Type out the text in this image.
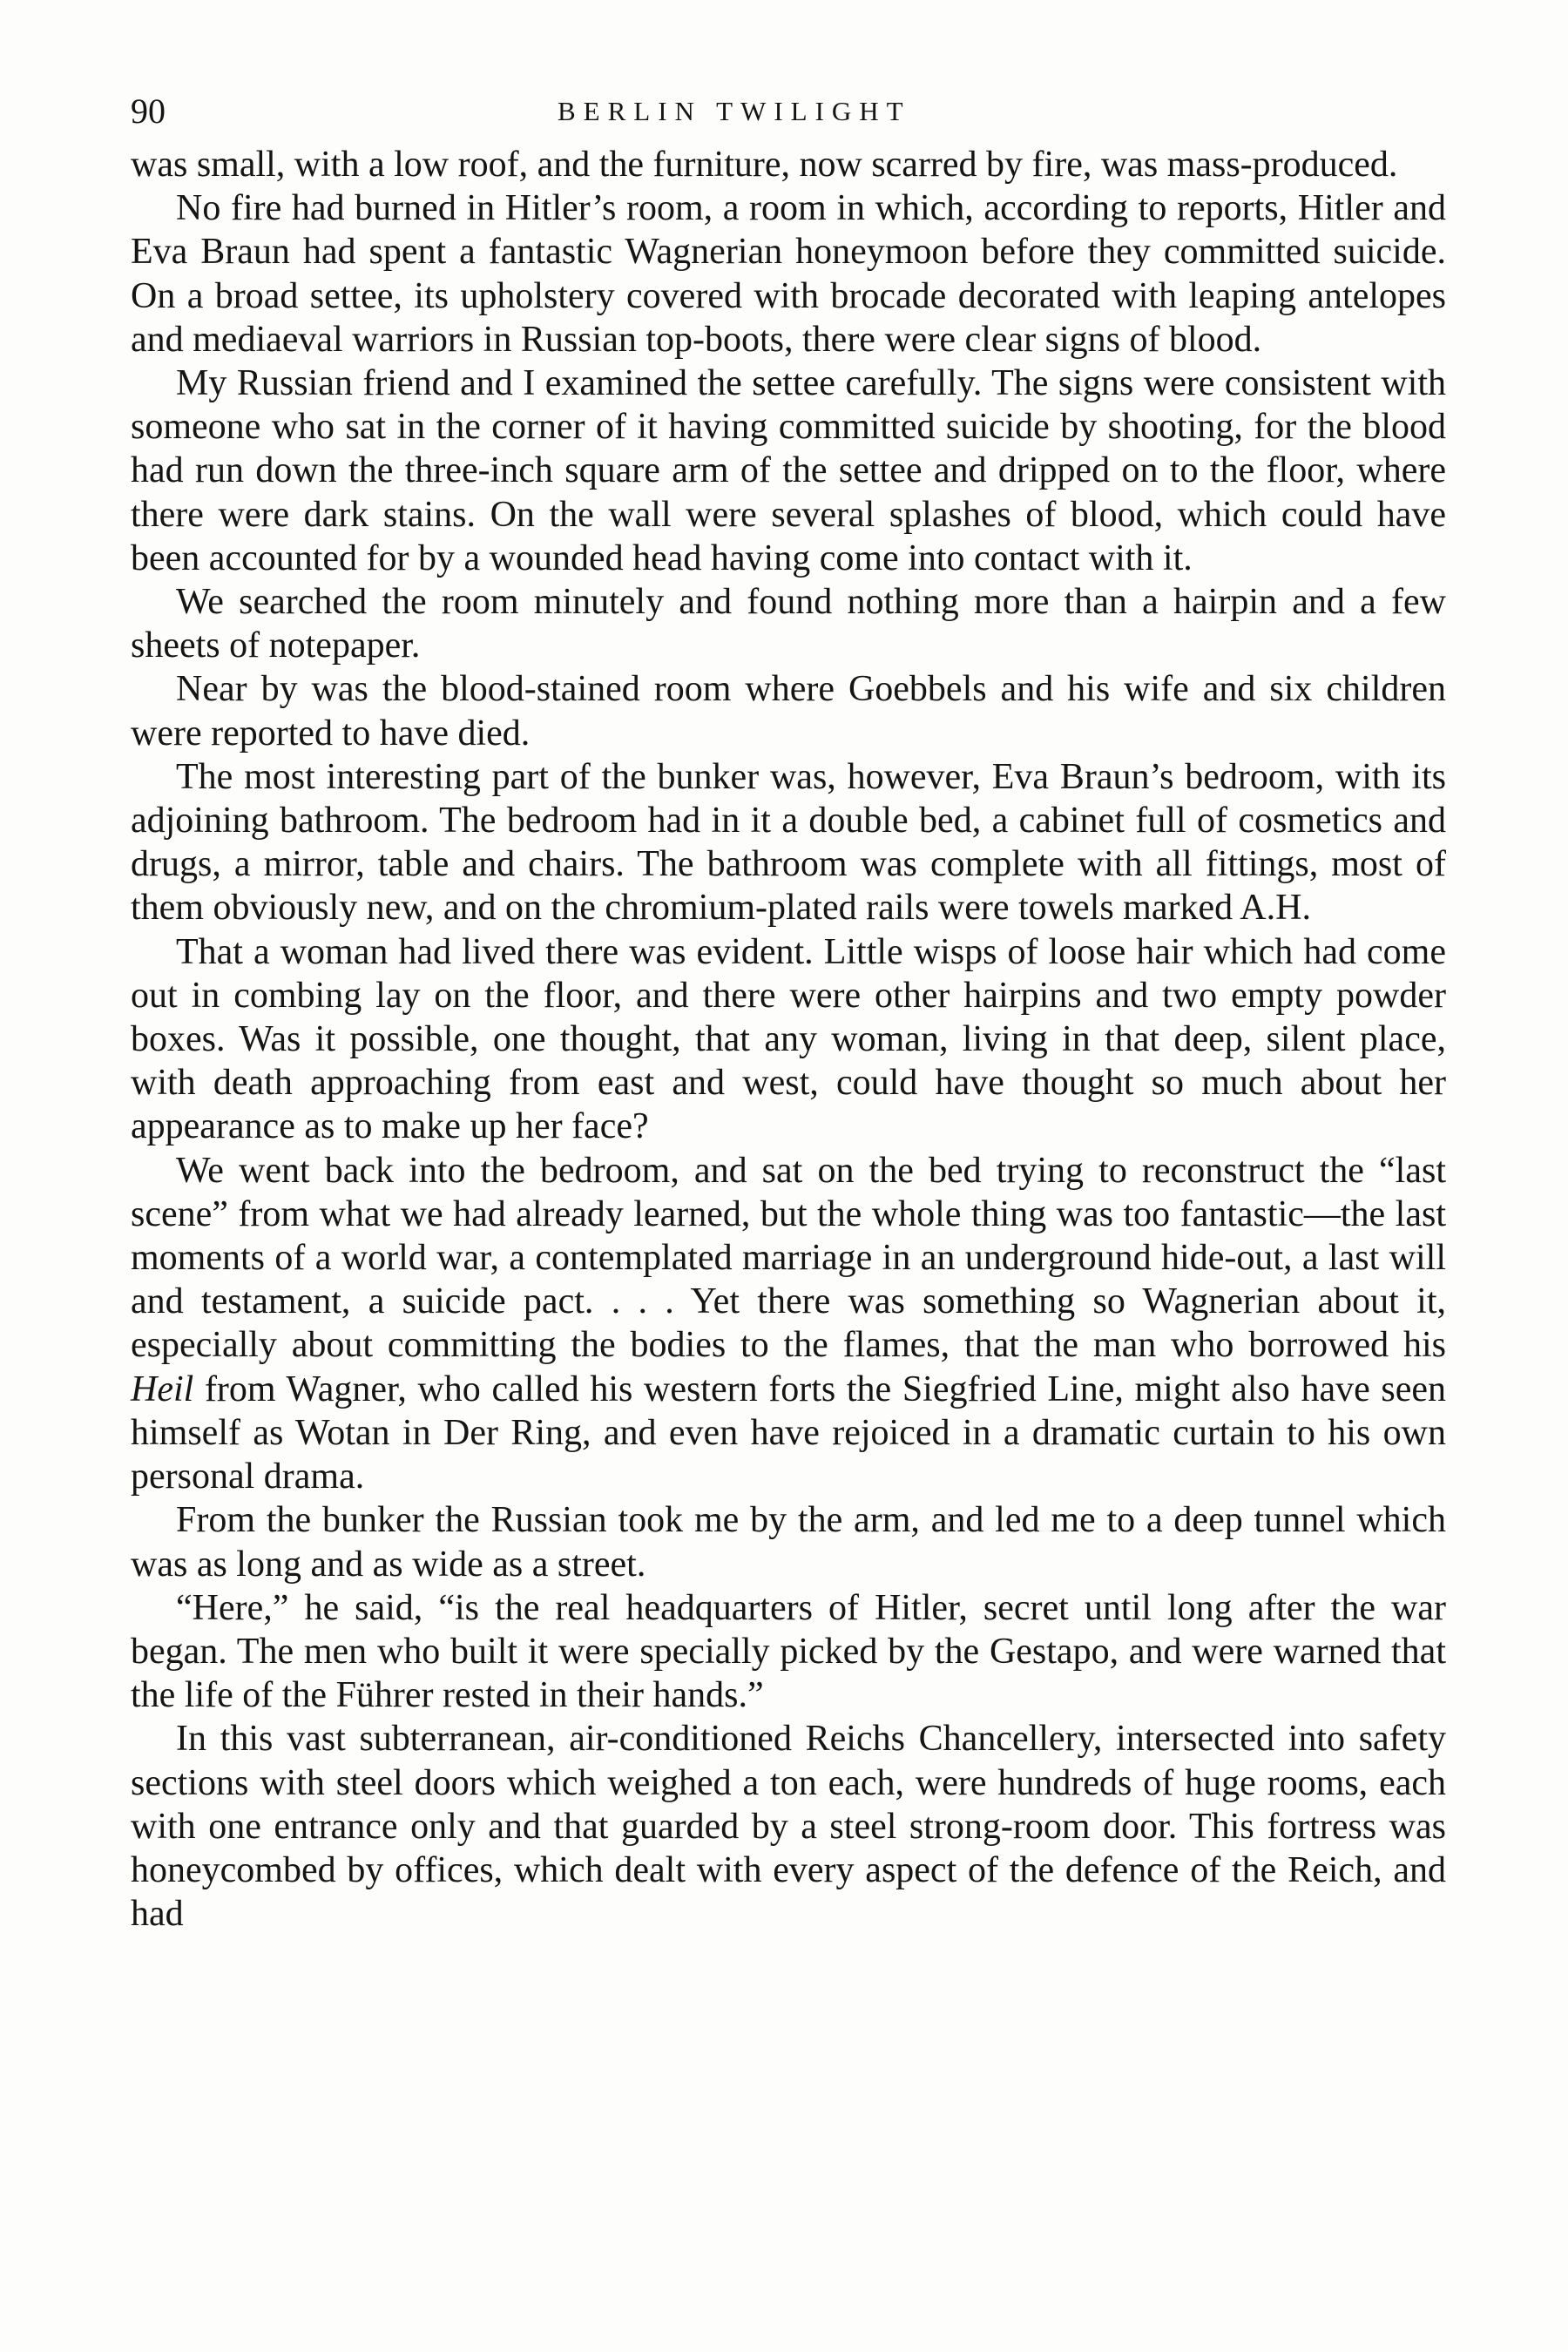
90	BERLIN TWILIGHT

was small, with a low roof, and the furniture, now scarred by fire, was mass-produced.

No fire had burned in Hitler’s room, a room in which, according to reports, Hitler and Eva Braun had spent a fantastic Wagnerian honeymoon before they committed suicide. On a broad settee, its upholstery covered with brocade decorated with leaping antelopes and mediaeval warriors in Russian top-boots, there were clear signs of blood.

My Russian friend and I examined the settee carefully. The signs were consistent with someone who sat in the corner of it having committed suicide by shooting, for the blood had run down the three-inch square arm of the settee and dripped on to the floor, where there were dark stains. On the wall were several splashes of blood, which could have been accounted for by a wounded head having come into contact with it.

We searched the room minutely and found nothing more than a hairpin and a few sheets of notepaper.

Near by was the blood-stained room where Goebbels and his wife and six children were reported to have died.

The most interesting part of the bunker was, however, Eva Braun’s bedroom, with its adjoining bathroom. The bedroom had in it a double bed, a cabinet full of cosmetics and drugs, a mirror, table and chairs. The bathroom was complete with all fittings, most of them obviously new, and on the chromium-plated rails were towels marked A.H.

That a woman had lived there was evident. Little wisps of loose hair which had come out in combing lay on the floor, and there were other hairpins and two empty powder boxes. Was it possible, one thought, that any woman, living in that deep, silent place, with death approaching from east and west, could have thought so much about her appearance as to make up her face?

We went back into the bedroom, and sat on the bed trying to reconstruct the “last scene” from what we had already learned, but the whole thing was too fantastic—the last moments of a world war, a contemplated marriage in an underground hide-out, a last will and testament, a suicide pact. . . . Yet there was something so Wagnerian about it, especially about committing the bodies to the flames, that the man who borrowed his Heil from Wagner, who called his western forts the Siegfried Line, might also have seen himself as Wotan in Der Ring, and even have rejoiced in a dramatic curtain to his own personal drama.

From the bunker the Russian took me by the arm, and led me to a deep tunnel which was as long and as wide as a street.

“Here,” he said, “is the real headquarters of Hitler, secret until long after the war began. The men who built it were specially picked by the Gestapo, and were warned that the life of the Führer rested in their hands.”

In this vast subterranean, air-conditioned Reichs Chancellery, intersected into safety sections with steel doors which weighed a ton each, were hundreds of huge rooms, each with one entrance only and that guarded by a steel strong-room door. This fortress was honeycombed by offices, which dealt with every aspect of the defence of the Reich, and had
